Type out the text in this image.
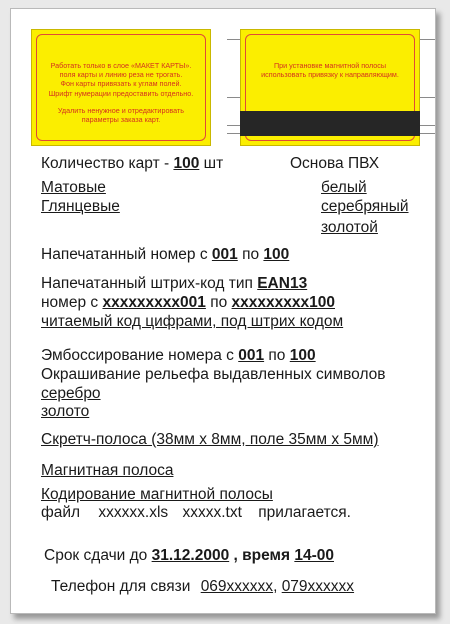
Работать только в слое «МАКЕТ КАРТЫ».
поля карты и линию реза не трогать.
Фон карты привязать к углам полей.
Шрифт нумерации предоставить отдельно.
Удалить ненужное и отредактировать
параметры заказа карт.
При установке магнитной полосы
использовать привязку к направляющим.
Количество карт - 100 шт	Основа ПВХ
Матовые
Глянцевые
белый
серебряный
золотой
Напечатанный номер с 001 по 100
Напечатанный штрих-код тип EAN13
номер с xxxxxxxxx001 по xxxxxxxxx100
читаемый код цифрами, под штрих кодом
Эмбоссирование номера с 001 по 100
Окрашивание рельефа выдавленных символов
серебро
золото
Скретч-полоса (38мм х 8мм, поле 35мм х 5мм)
Магнитная полоса
Кодирование магнитной полосы
файл xxxxxx.xls xxxxx.txt прилагается.
Срок сдачи до 31.12.2000 , время 14-00
Телефон для связи 069xxxxxx, 079xxxxxx
